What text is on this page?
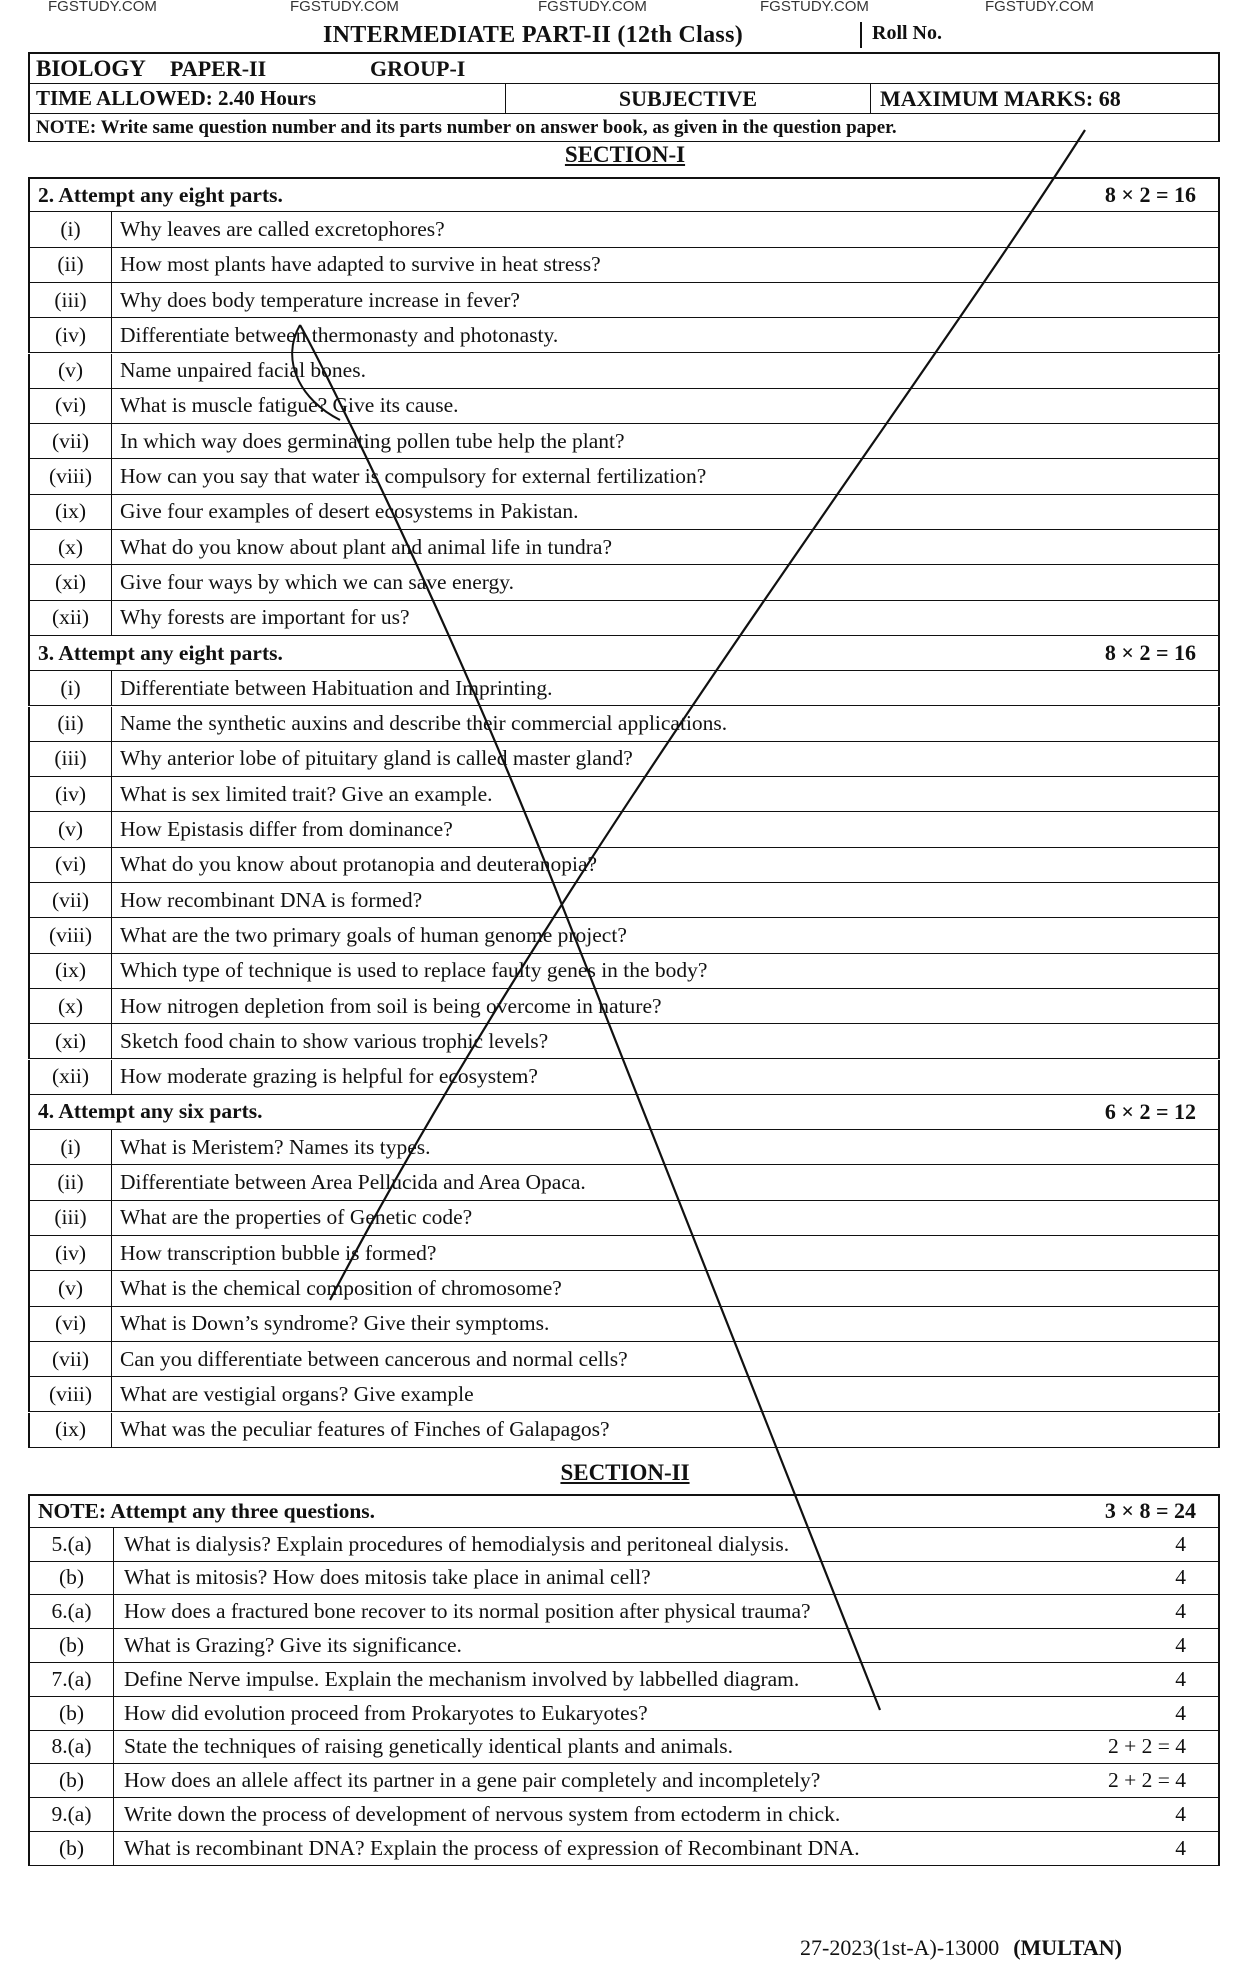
FGSTUDY.COM	FGSTUDY.COM	FGSTUDY.COM	FGSTUDY.COM	FGSTUDY.COM
INTERMEDIATE PART-II (12th Class)	Roll No.
BIOLOGY	PAPER-II	GROUP-I
TIME ALLOWED: 2.40 Hours	SUBJECTIVE	MAXIMUM MARKS: 68
NOTE: Write same question number and its parts number on answer book, as given in the question paper.
SECTION-I
2. Attempt any eight parts.	8 × 2 = 16
(i)	Why leaves are called excretophores?
(ii)	How most plants have adapted to survive in heat stress?
(iii)	Why does body temperature increase in fever?
(iv)	Differentiate between thermonasty and photonasty.
(v)	Name unpaired facial bones.
(vi)	What is muscle fatigue? Give its cause.
(vii)	In which way does germinating pollen tube help the plant?
(viii)	How can you say that water is compulsory for external fertilization?
(ix)	Give four examples of desert ecosystems in Pakistan.
(x)	What do you know about plant and animal life in tundra?
(xi)	Give four ways by which we can save energy.
(xii)	Why forests are important for us?
3. Attempt any eight parts.	8 × 2 = 16
(i)	Differentiate between Habituation and Imprinting.
(ii)	Name the synthetic auxins and describe their commercial applications.
(iii)	Why anterior lobe of pituitary gland is called master gland?
(iv)	What is sex limited trait? Give an example.
(v)	How Epistasis differ from dominance?
(vi)	What do you know about protanopia and deuteranopia?
(vii)	How recombinant DNA is formed?
(viii)	What are the two primary goals of human genome project?
(ix)	Which type of technique is used to replace faulty genes in the body?
(x)	How nitrogen depletion from soil is being overcome in nature?
(xi)	Sketch food chain to show various trophic levels?
(xii)	How moderate grazing is helpful for ecosystem?
4. Attempt any six parts.	6 × 2 = 12
(i)	What is Meristem? Names its types.
(ii)	Differentiate between Area Pellucida and Area Opaca.
(iii)	What are the properties of Genetic code?
(iv)	How transcription bubble is formed?
(v)	What is the chemical composition of chromosome?
(vi)	What is Down’s syndrome? Give their symptoms.
(vii)	Can you differentiate between cancerous and normal cells?
(viii)	What are vestigial organs? Give example
(ix)	What was the peculiar features of Finches of Galapagos?
SECTION-II
NOTE: Attempt any three questions.	3 × 8 = 24
5.(a)	What is dialysis? Explain procedures of hemodialysis and peritoneal dialysis.	4
(b)	What is mitosis? How does mitosis take place in animal cell?	4
6.(a)	How does a fractured bone recover to its normal position after physical trauma?	4
(b)	What is Grazing? Give its significance.	4
7.(a)	Define Nerve impulse. Explain the mechanism involved by labbelled diagram.	4
(b)	How did evolution proceed from Prokaryotes to Eukaryotes?	4
8.(a)	State the techniques of raising genetically identical plants and animals.	2 + 2 = 4
(b)	How does an allele affect its partner in a gene pair completely and incompletely?	2 + 2 = 4
9.(a)	Write down the process of development of nervous system from ectoderm in chick.	4
(b)	What is recombinant DNA? Explain the process of expression of Recombinant DNA.	4
27-2023(1st-A)-13000 (MULTAN)
